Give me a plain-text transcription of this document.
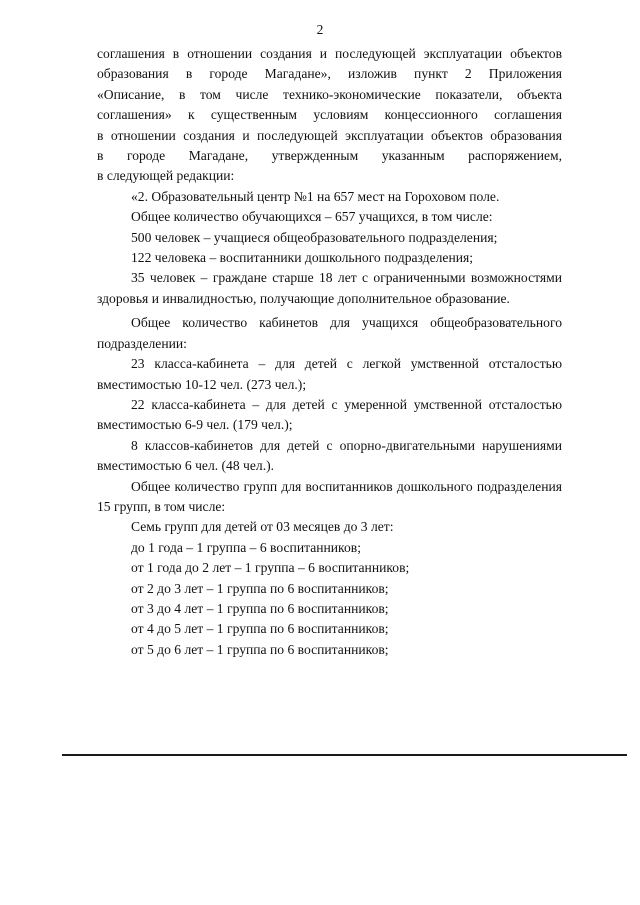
2

соглашения в отношении создания и последующей эксплуатации объектов

образования в городе Магадане», изложив пункт 2 Приложения

«Описание, в том числе технико-экономические показатели, объекта

соглашения» к существенным условиям концессионного соглашения

в отношении создания и последующей эксплуатации объектов образования

в городе Магадане, утвержденным указанным распоряжением,

в следующей редакции:

«2. Образовательный центр №1 на 657 мест на Гороховом поле.

Общее количество обучающихся – 657 учащихся, в том числе:

500 человек – учащиеся общеобразовательного подразделения;

122 человека – воспитанники дошкольного подразделения;

35 человек – граждане старше 18 лет с ограниченными возможностями здоровья и инвалидностью, получающие дополнительное образование.

Общее количество кабинетов для учащихся общеобразовательного подразделении:

23 класса-кабинета – для детей с легкой умственной отсталостью вместимостью 10-12 чел. (273 чел.);

22 класса-кабинета – для детей с умеренной умственной отсталостью вместимостью 6-9 чел. (179 чел.);

8 классов-кабинетов для детей с опорно-двигательными нарушениями вместимостью 6 чел. (48 чел.).

Общее количество групп для воспитанников дошкольного подразделения 15 групп, в том числе:

Семь групп для детей от 03 месяцев до 3 лет:

до 1 года – 1 группа – 6 воспитанников;

от 1 года до 2 лет – 1 группа – 6 воспитанников;

от 2 до 3 лет – 1 группа по 6 воспитанников;

от 3 до 4 лет – 1 группа по 6 воспитанников;

от 4 до 5 лет – 1 группа по 6 воспитанников;

от 5 до 6 лет – 1 группа по 6 воспитанников;
